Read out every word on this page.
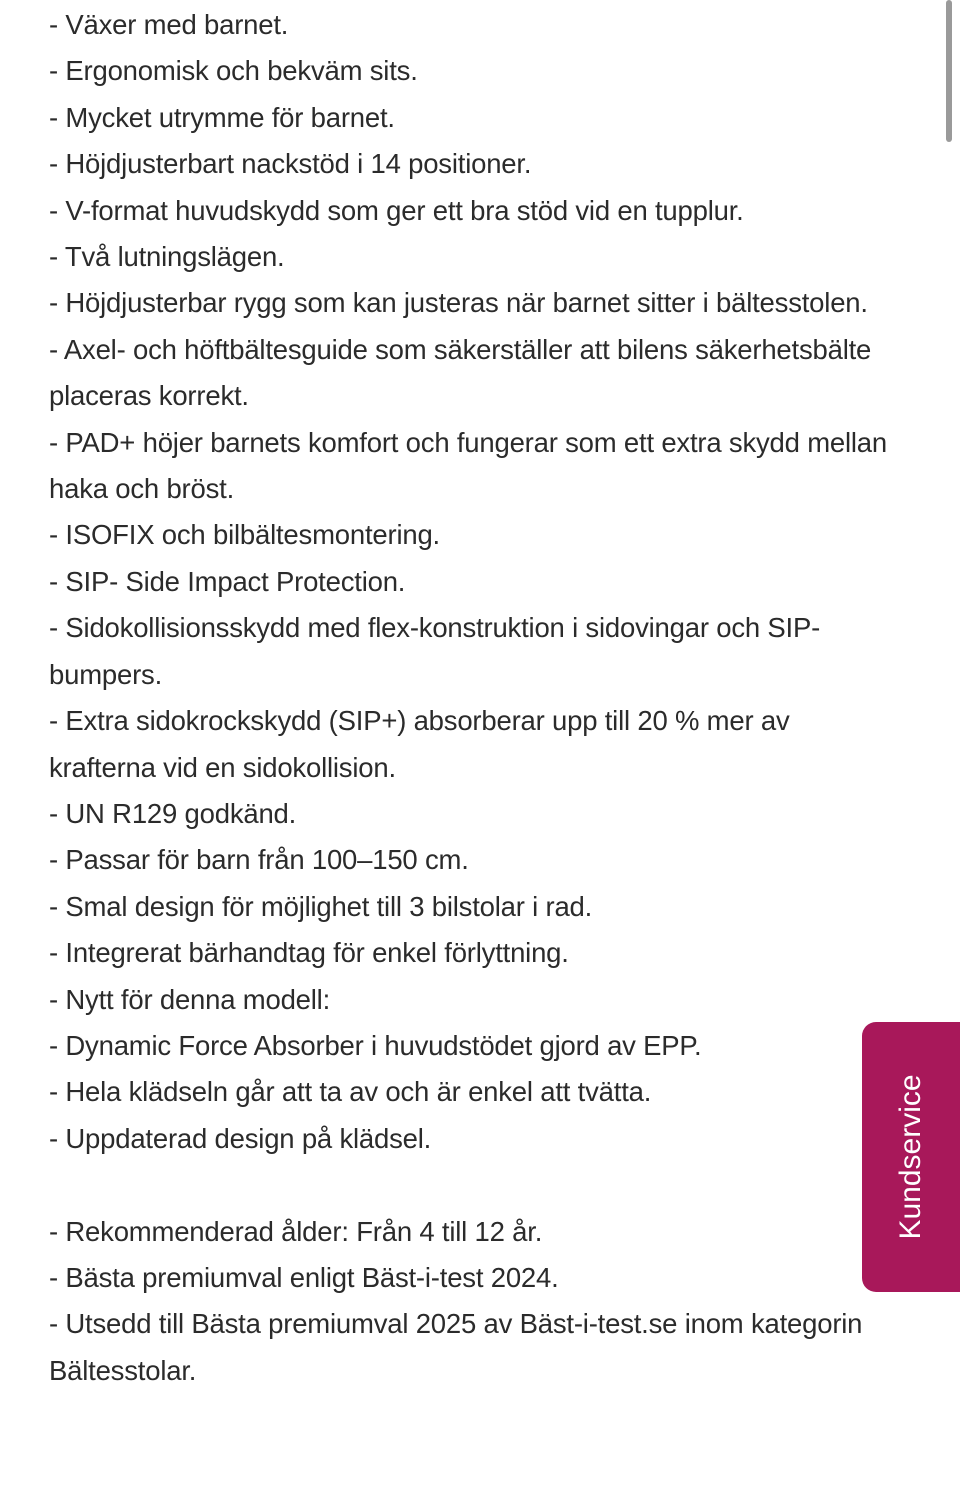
- Växer med barnet.

- Ergonomisk och bekväm sits.

- Mycket utrymme för barnet.

- Höjdjusterbart nackstöd i 14 positioner.

- V-format huvudskydd som ger ett bra stöd vid en tupplur.

- Två lutningslägen.

- Höjdjusterbar rygg som kan justeras när barnet sitter i bältesstolen.

- Axel- och höftbältesguide som säkerställer att bilens säkerhetsbälte placeras korrekt.

- PAD+ höjer barnets komfort och fungerar som ett extra skydd mellan haka och bröst.

- ISOFIX och bilbältesmontering.

- SIP- Side Impact Protection.

- Sidokollisionsskydd med flex-konstruktion i sidovingar och SIP-bumpers.

- Extra sidokrockskydd (SIP+) absorberar upp till 20 % mer av krafterna vid en sidokollision.

- UN R129 godkänd.

- Passar för barn från 100–150 cm.

- Smal design för möjlighet till 3 bilstolar i rad.

- Integrerat bärhandtag för enkel förlyttning.

- Nytt för denna modell:

- Dynamic Force Absorber i huvudstödet gjord av EPP.

- Hela klädseln går att ta av och är enkel att tvätta.

- Uppdaterad design på klädsel.

- Rekommenderad ålder: Från 4 till 12 år.

- Bästa premiumval enligt Bäst-i-test 2024.

- Utsedd till Bästa premiumval 2025 av Bäst-i-test.se inom kategorin Bältesstolar.

Kundservice
